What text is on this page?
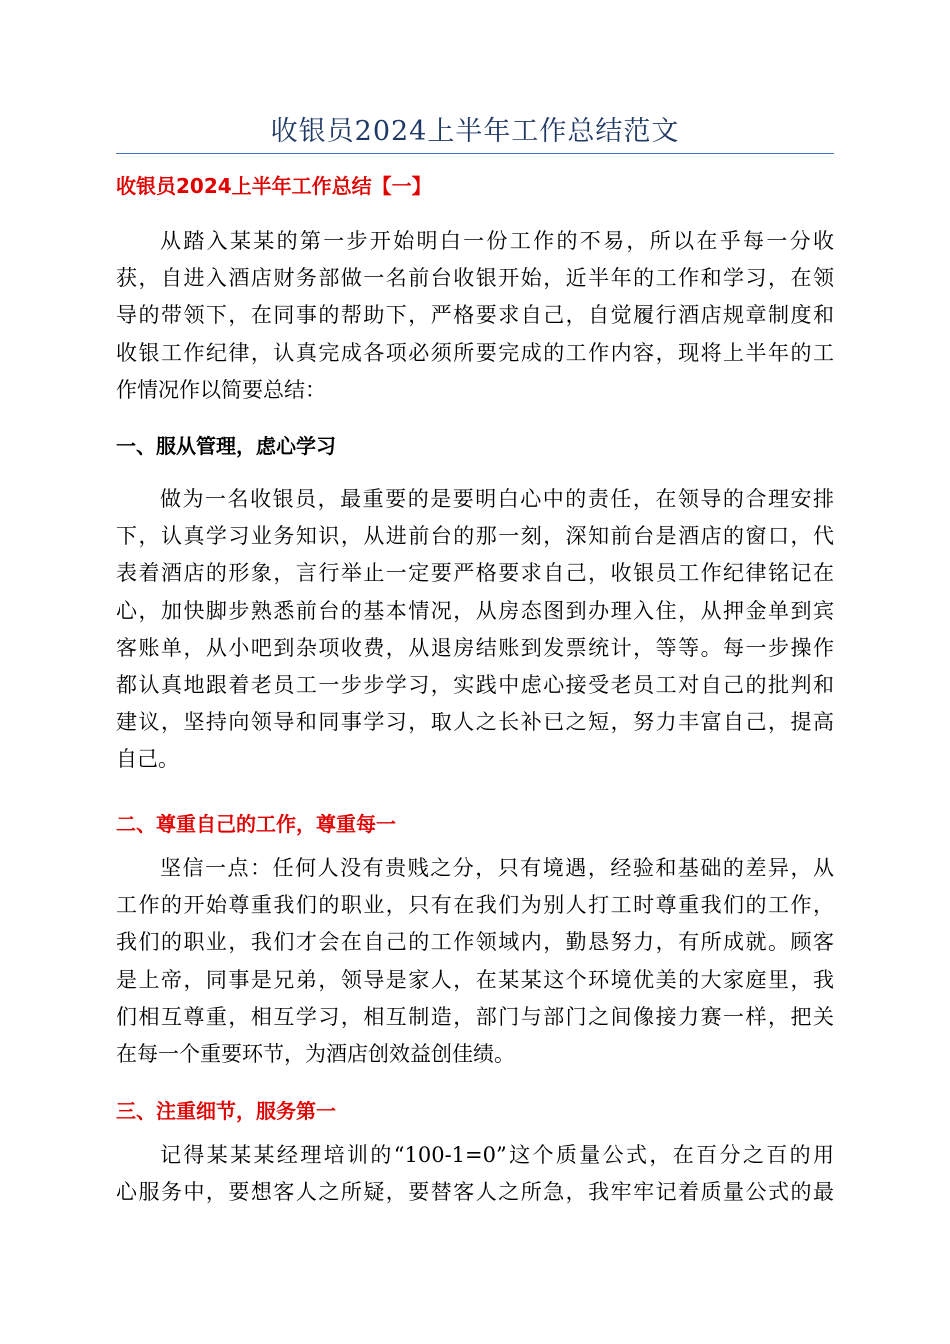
收银员2024上半年工作总结范文
收银员2024上半年工作总结【一】
从踏入某某的第一步开始明白一份工作的不易，所以在乎每一分收
获，自进入酒店财务部做一名前台收银开始，近半年的工作和学习，在领
导的带领下，在同事的帮助下，严格要求自己，自觉履行酒店规章制度和
收银工作纪律，认真完成各项必须所要完成的工作内容，现将上半年的工
作情况作以简要总结：
一、服从管理，虑心学习
做为一名收银员，最重要的是要明白心中的责任，在领导的合理安排
下，认真学习业务知识，从进前台的那一刻，深知前台是酒店的窗口，代
表着酒店的形象，言行举止一定要严格要求自己，收银员工作纪律铭记在
心，加快脚步熟悉前台的基本情况，从房态图到办理入住，从押金单到宾
客账单，从小吧到杂项收费，从退房结账到发票统计，等等。每一步操作
都认真地跟着老员工一步步学习，实践中虑心接受老员工对自己的批判和
建议，坚持向领导和同事学习，取人之长补已之短，努力丰富自己，提高
自己。
二、尊重自己的工作，尊重每一
坚信一点：任何人没有贵贱之分，只有境遇，经验和基础的差异，从
工作的开始尊重我们的职业，只有在我们为别人打工时尊重我们的工作，
我们的职业，我们才会在自己的工作领域内，勤恳努力，有所成就。顾客
是上帝，同事是兄弟，领导是家人，在某某这个环境优美的大家庭里，我
们相互尊重，相互学习，相互制造，部门与部门之间像接力赛一样，把关
在每一个重要环节，为酒店创效益创佳绩。
三、注重细节，服务第一
记得某某某经理培训的“100-1=0”这个质量公式，在百分之百的用
心服务中，要想客人之所疑，要替客人之所急，我牢牢记着质量公式的最
